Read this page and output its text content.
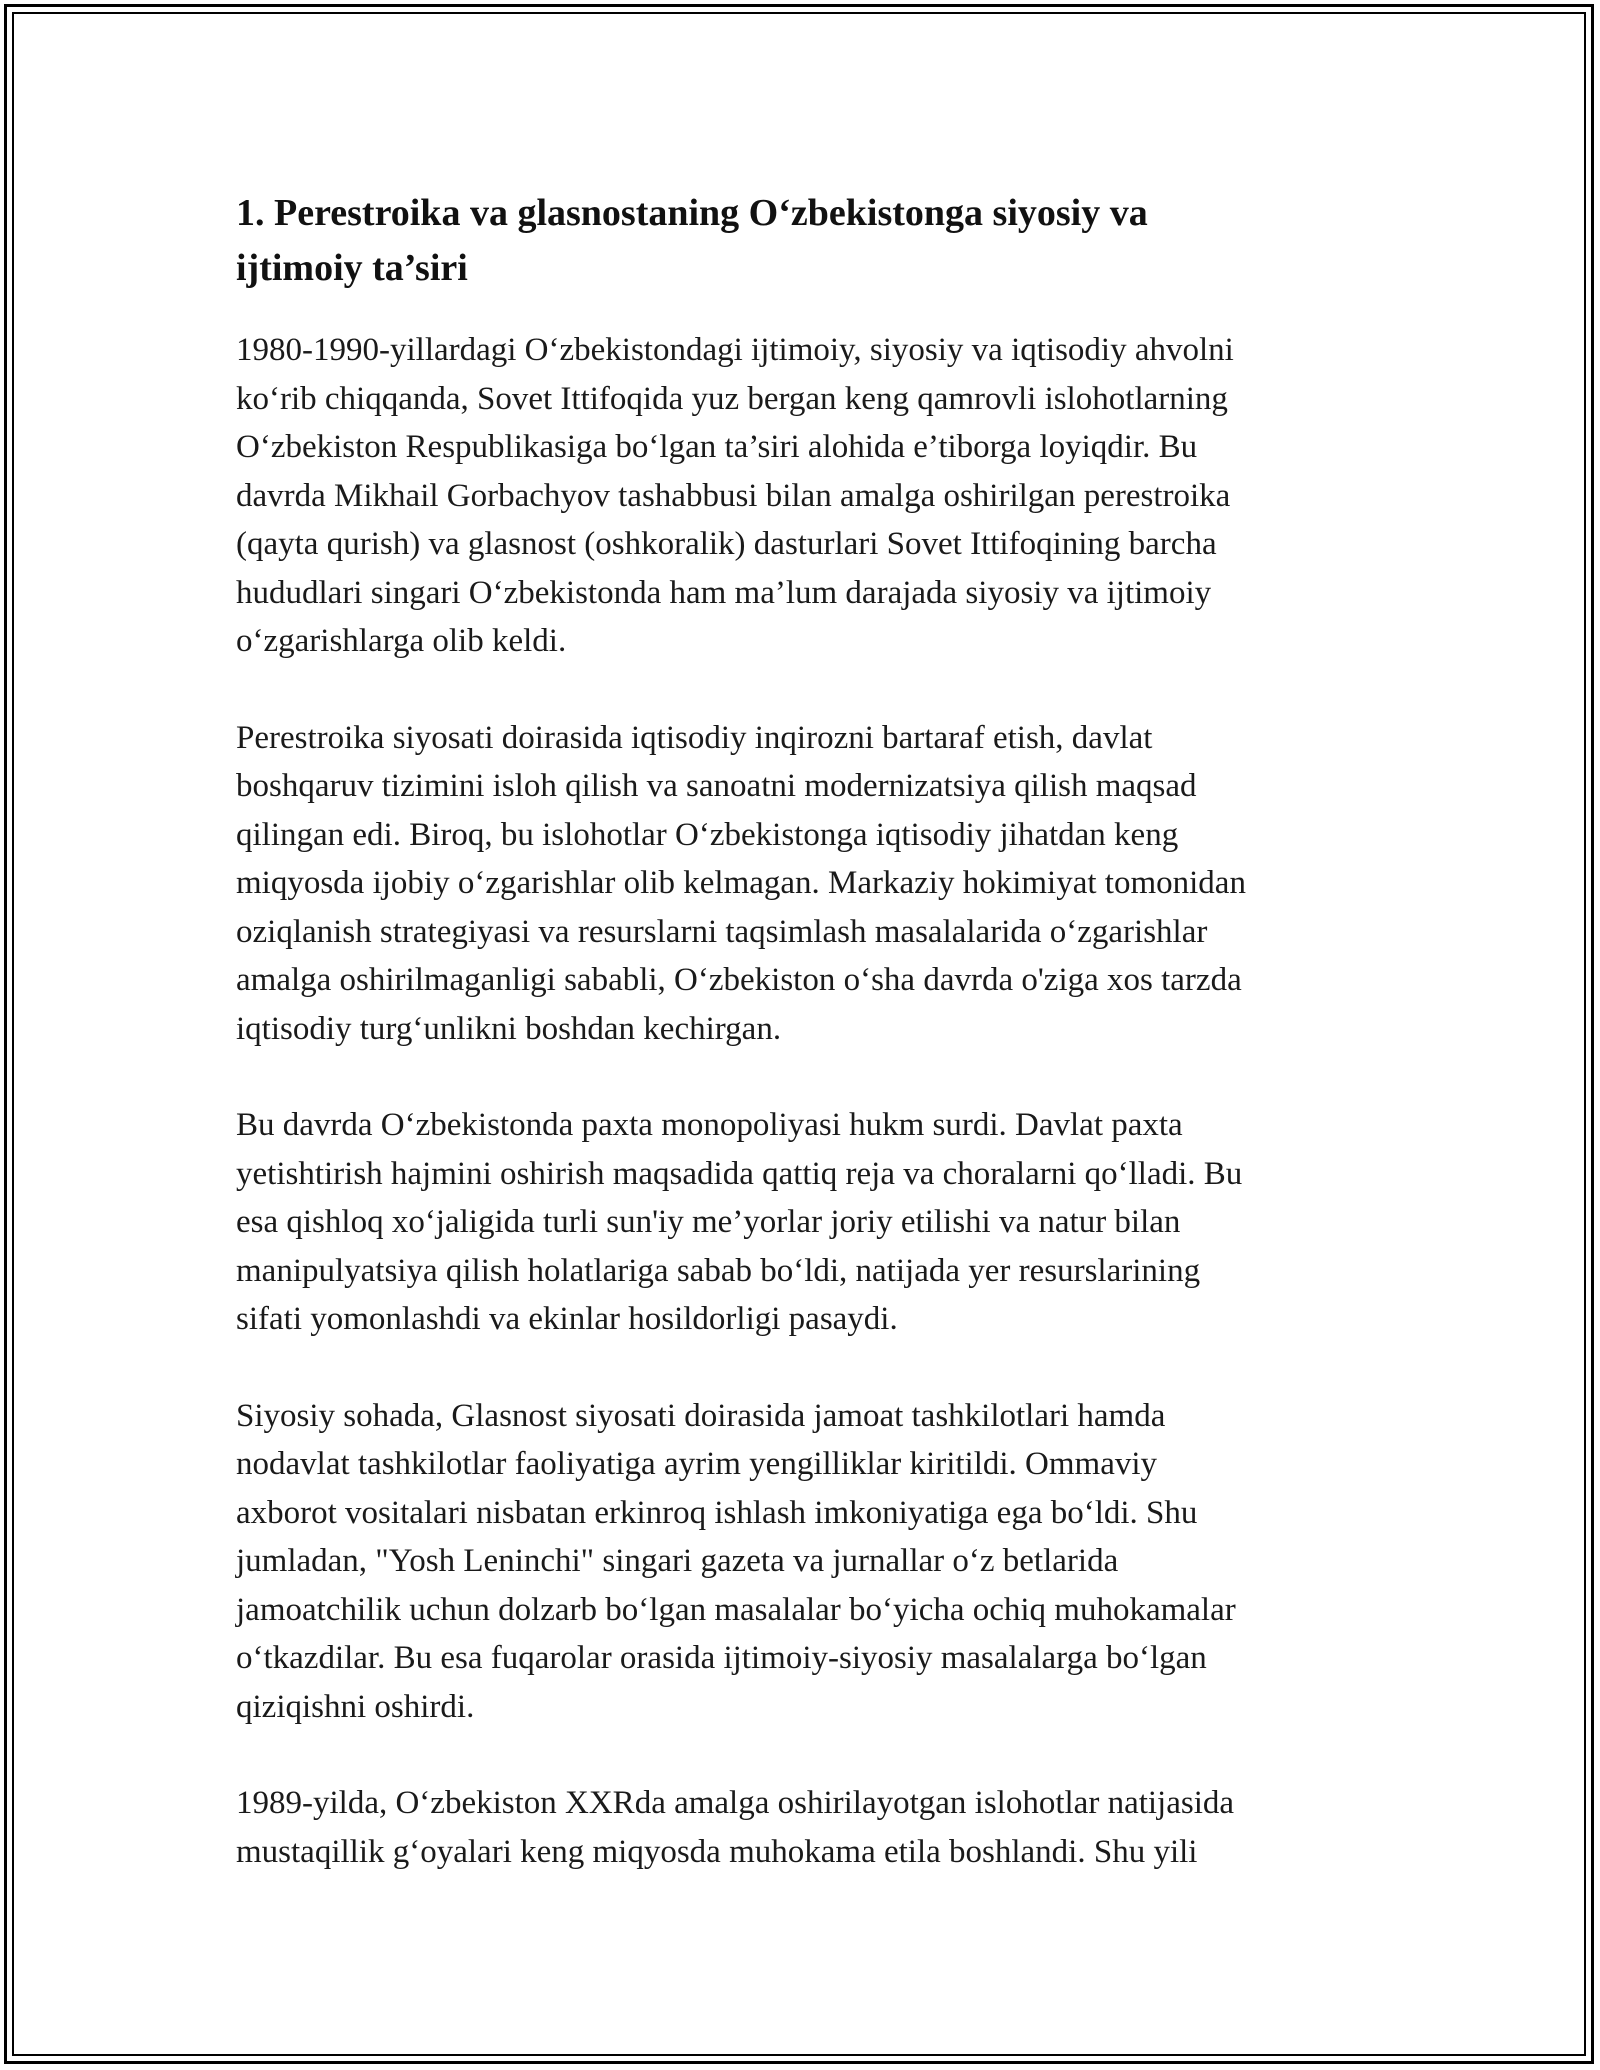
1. Perestroika va glasnostaning O‘zbekistonga siyosiy va
ijtimoiy ta’siri

1980-1990-yillardagi O‘zbekistondagi ijtimoiy, siyosiy va iqtisodiy ahvolni
ko‘rib chiqqanda, Sovet Ittifoqida yuz bergan keng qamrovli islohotlarning
O‘zbekiston Respublikasiga bo‘lgan ta’siri alohida e’tiborga loyiqdir. Bu
davrda Mikhail Gorbachyov tashabbusi bilan amalga oshirilgan perestroika
(qayta qurish) va glasnost (oshkoralik) dasturlari Sovet Ittifoqining barcha
hududlari singari O‘zbekistonda ham ma’lum darajada siyosiy va ijtimoiy
o‘zgarishlarga olib keldi.

Perestroika siyosati doirasida iqtisodiy inqirozni bartaraf etish, davlat
boshqaruv tizimini isloh qilish va sanoatni modernizatsiya qilish maqsad
qilingan edi. Biroq, bu islohotlar O‘zbekistonga iqtisodiy jihatdan keng
miqyosda ijobiy o‘zgarishlar olib kelmagan. Markaziy hokimiyat tomonidan
oziqlanish strategiyasi va resurslarni taqsimlash masalalarida o‘zgarishlar
amalga oshirilmaganligi sababli, O‘zbekiston o‘sha davrda o'ziga xos tarzda
iqtisodiy turg‘unlikni boshdan kechirgan.

Bu davrda O‘zbekistonda paxta monopoliyasi hukm surdi. Davlat paxta
yetishtirish hajmini oshirish maqsadida qattiq reja va choralarni qo‘lladi. Bu
esa qishloq xo‘jaligida turli sun'iy me’yorlar joriy etilishi va natur bilan
manipulyatsiya qilish holatlariga sabab bo‘ldi, natijada yer resurslarining
sifati yomonlashdi va ekinlar hosildorligi pasaydi.

Siyosiy sohada, Glasnost siyosati doirasida jamoat tashkilotlari hamda
nodavlat tashkilotlar faoliyatiga ayrim yengilliklar kiritildi. Ommaviy
axborot vositalari nisbatan erkinroq ishlash imkoniyatiga ega bo‘ldi. Shu
jumladan, "Yosh Leninchi" singari gazeta va jurnallar o‘z betlarida
jamoatchilik uchun dolzarb bo‘lgan masalalar bo‘yicha ochiq muhokamalar
o‘tkazdilar. Bu esa fuqarolar orasida ijtimoiy-siyosiy masalalarga bo‘lgan
qiziqishni oshirdi.

1989-yilda, O‘zbekiston XXRda amalga oshirilayotgan islohotlar natijasida
mustaqillik g‘oyalari keng miqyosda muhokama etila boshlandi. Shu yili
